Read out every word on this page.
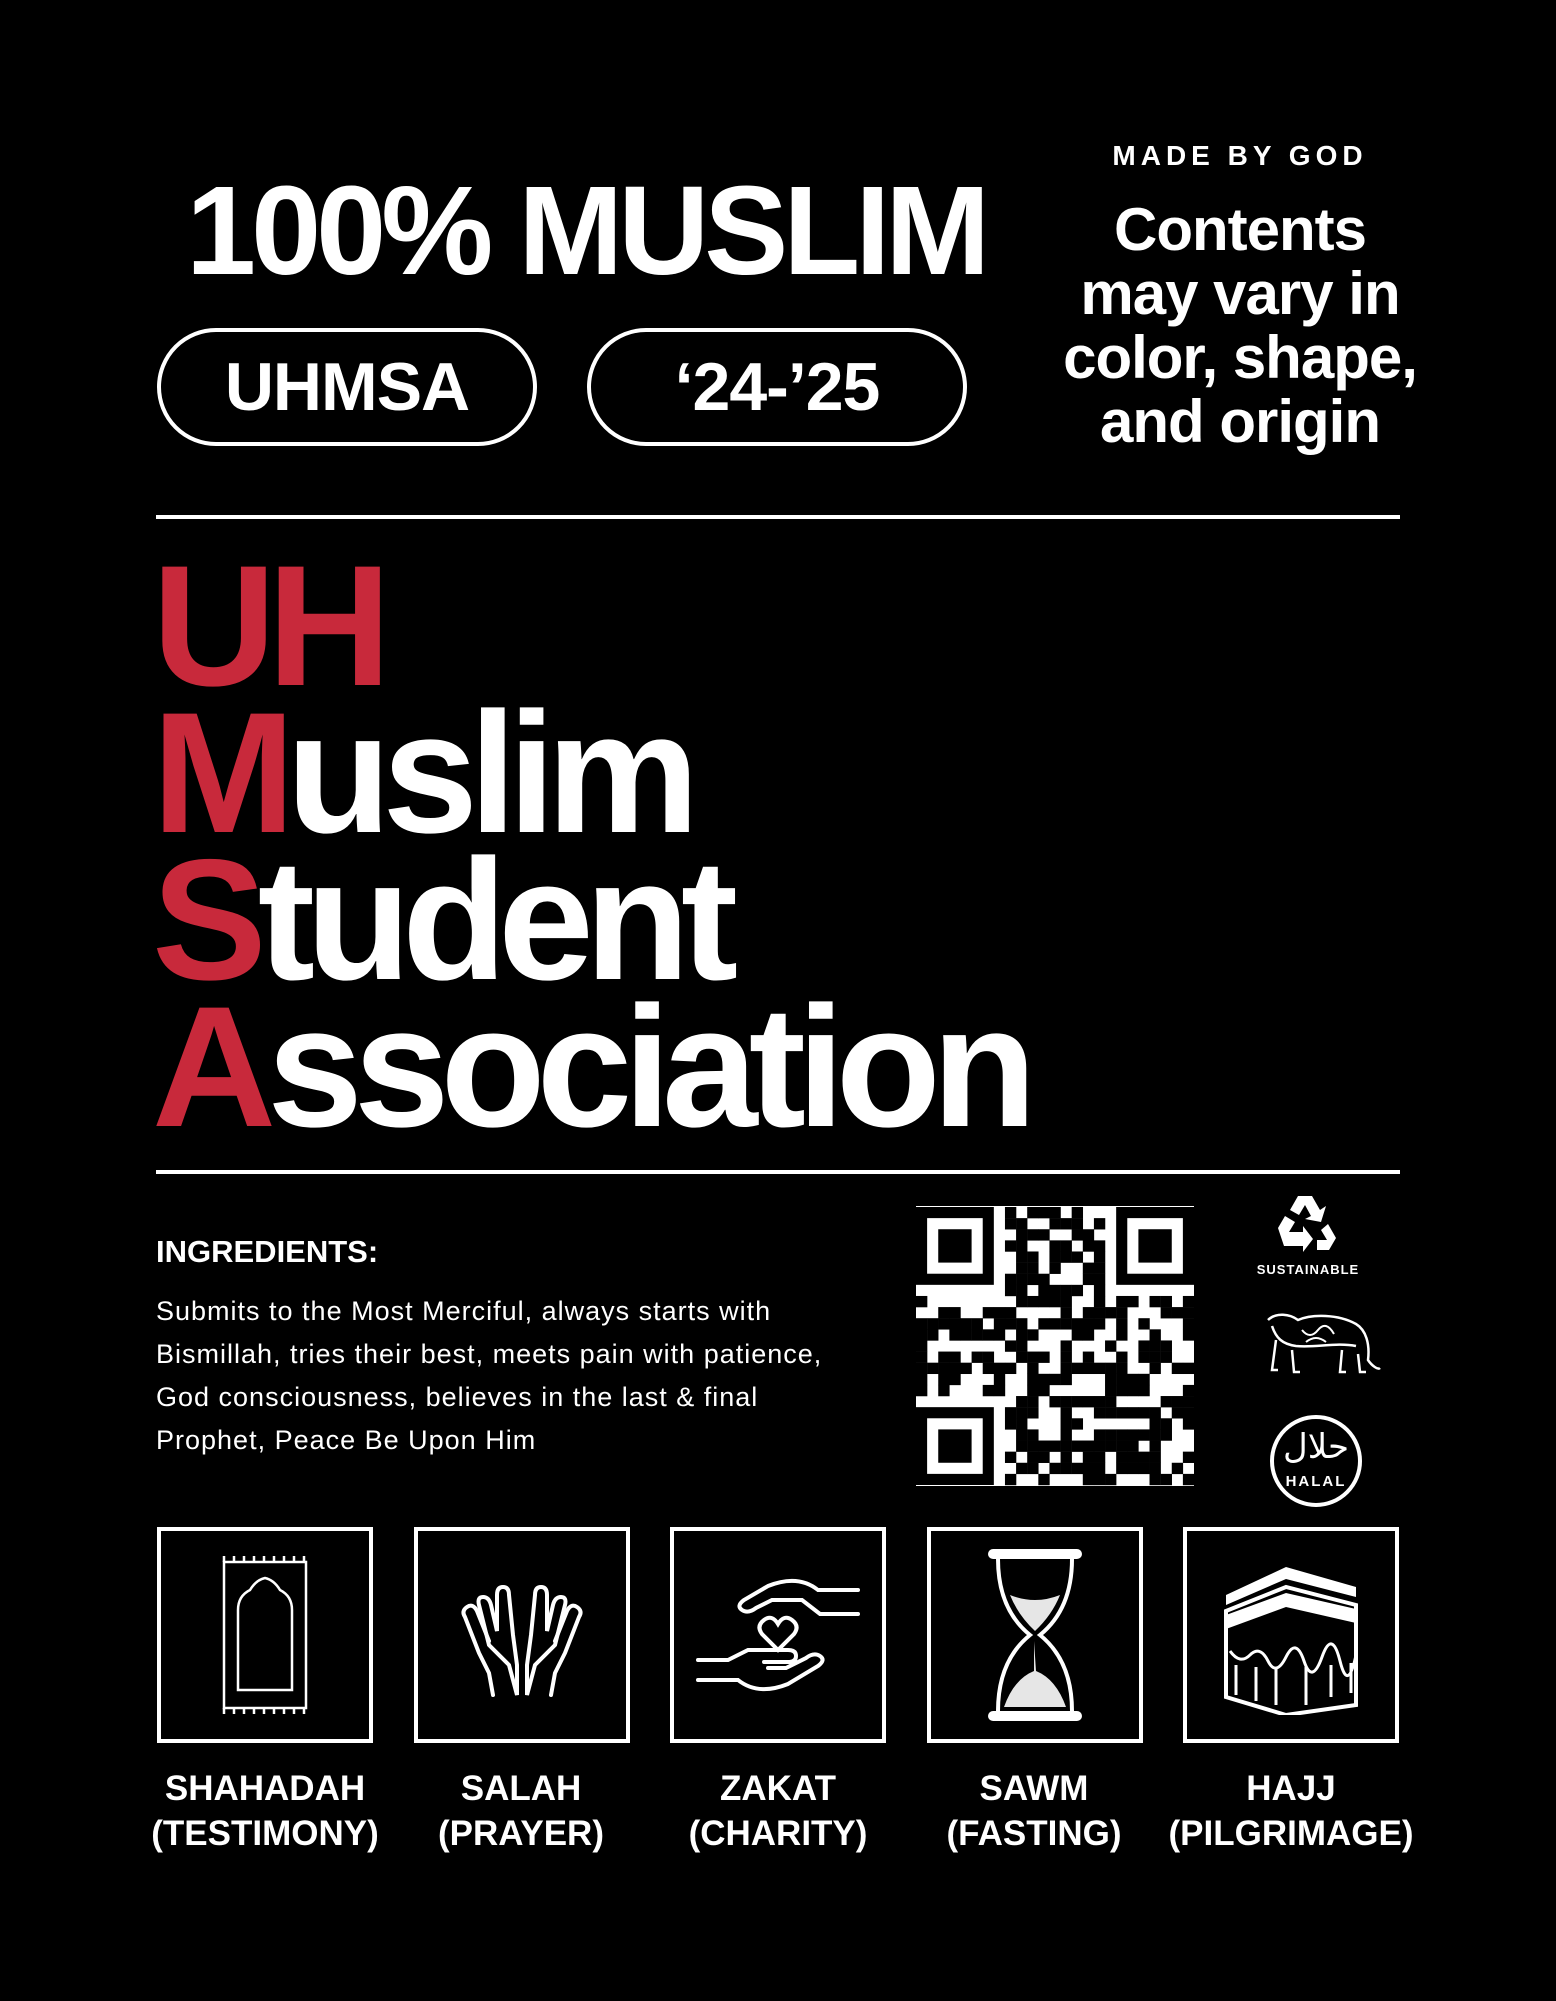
100% MUSLIM
UHMSA	‘24-’25
MADE BY GOD
Contents
may vary in
color, shape,
and origin
UH
Muslim
Student
Association
INGREDIENTS:
Submits to the Most Merciful, always starts with Bismillah, tries their best, meets pain with patience, God consciousness, believes in the last & final Prophet, Peace Be Upon Him
SUSTAINABLE
حلال
HALAL
SHAHADAH
(TESTIMONY)
SALAH
(PRAYER)
ZAKAT
(CHARITY)
SAWM
(FASTING)
HAJJ
(PILGRIMAGE)
